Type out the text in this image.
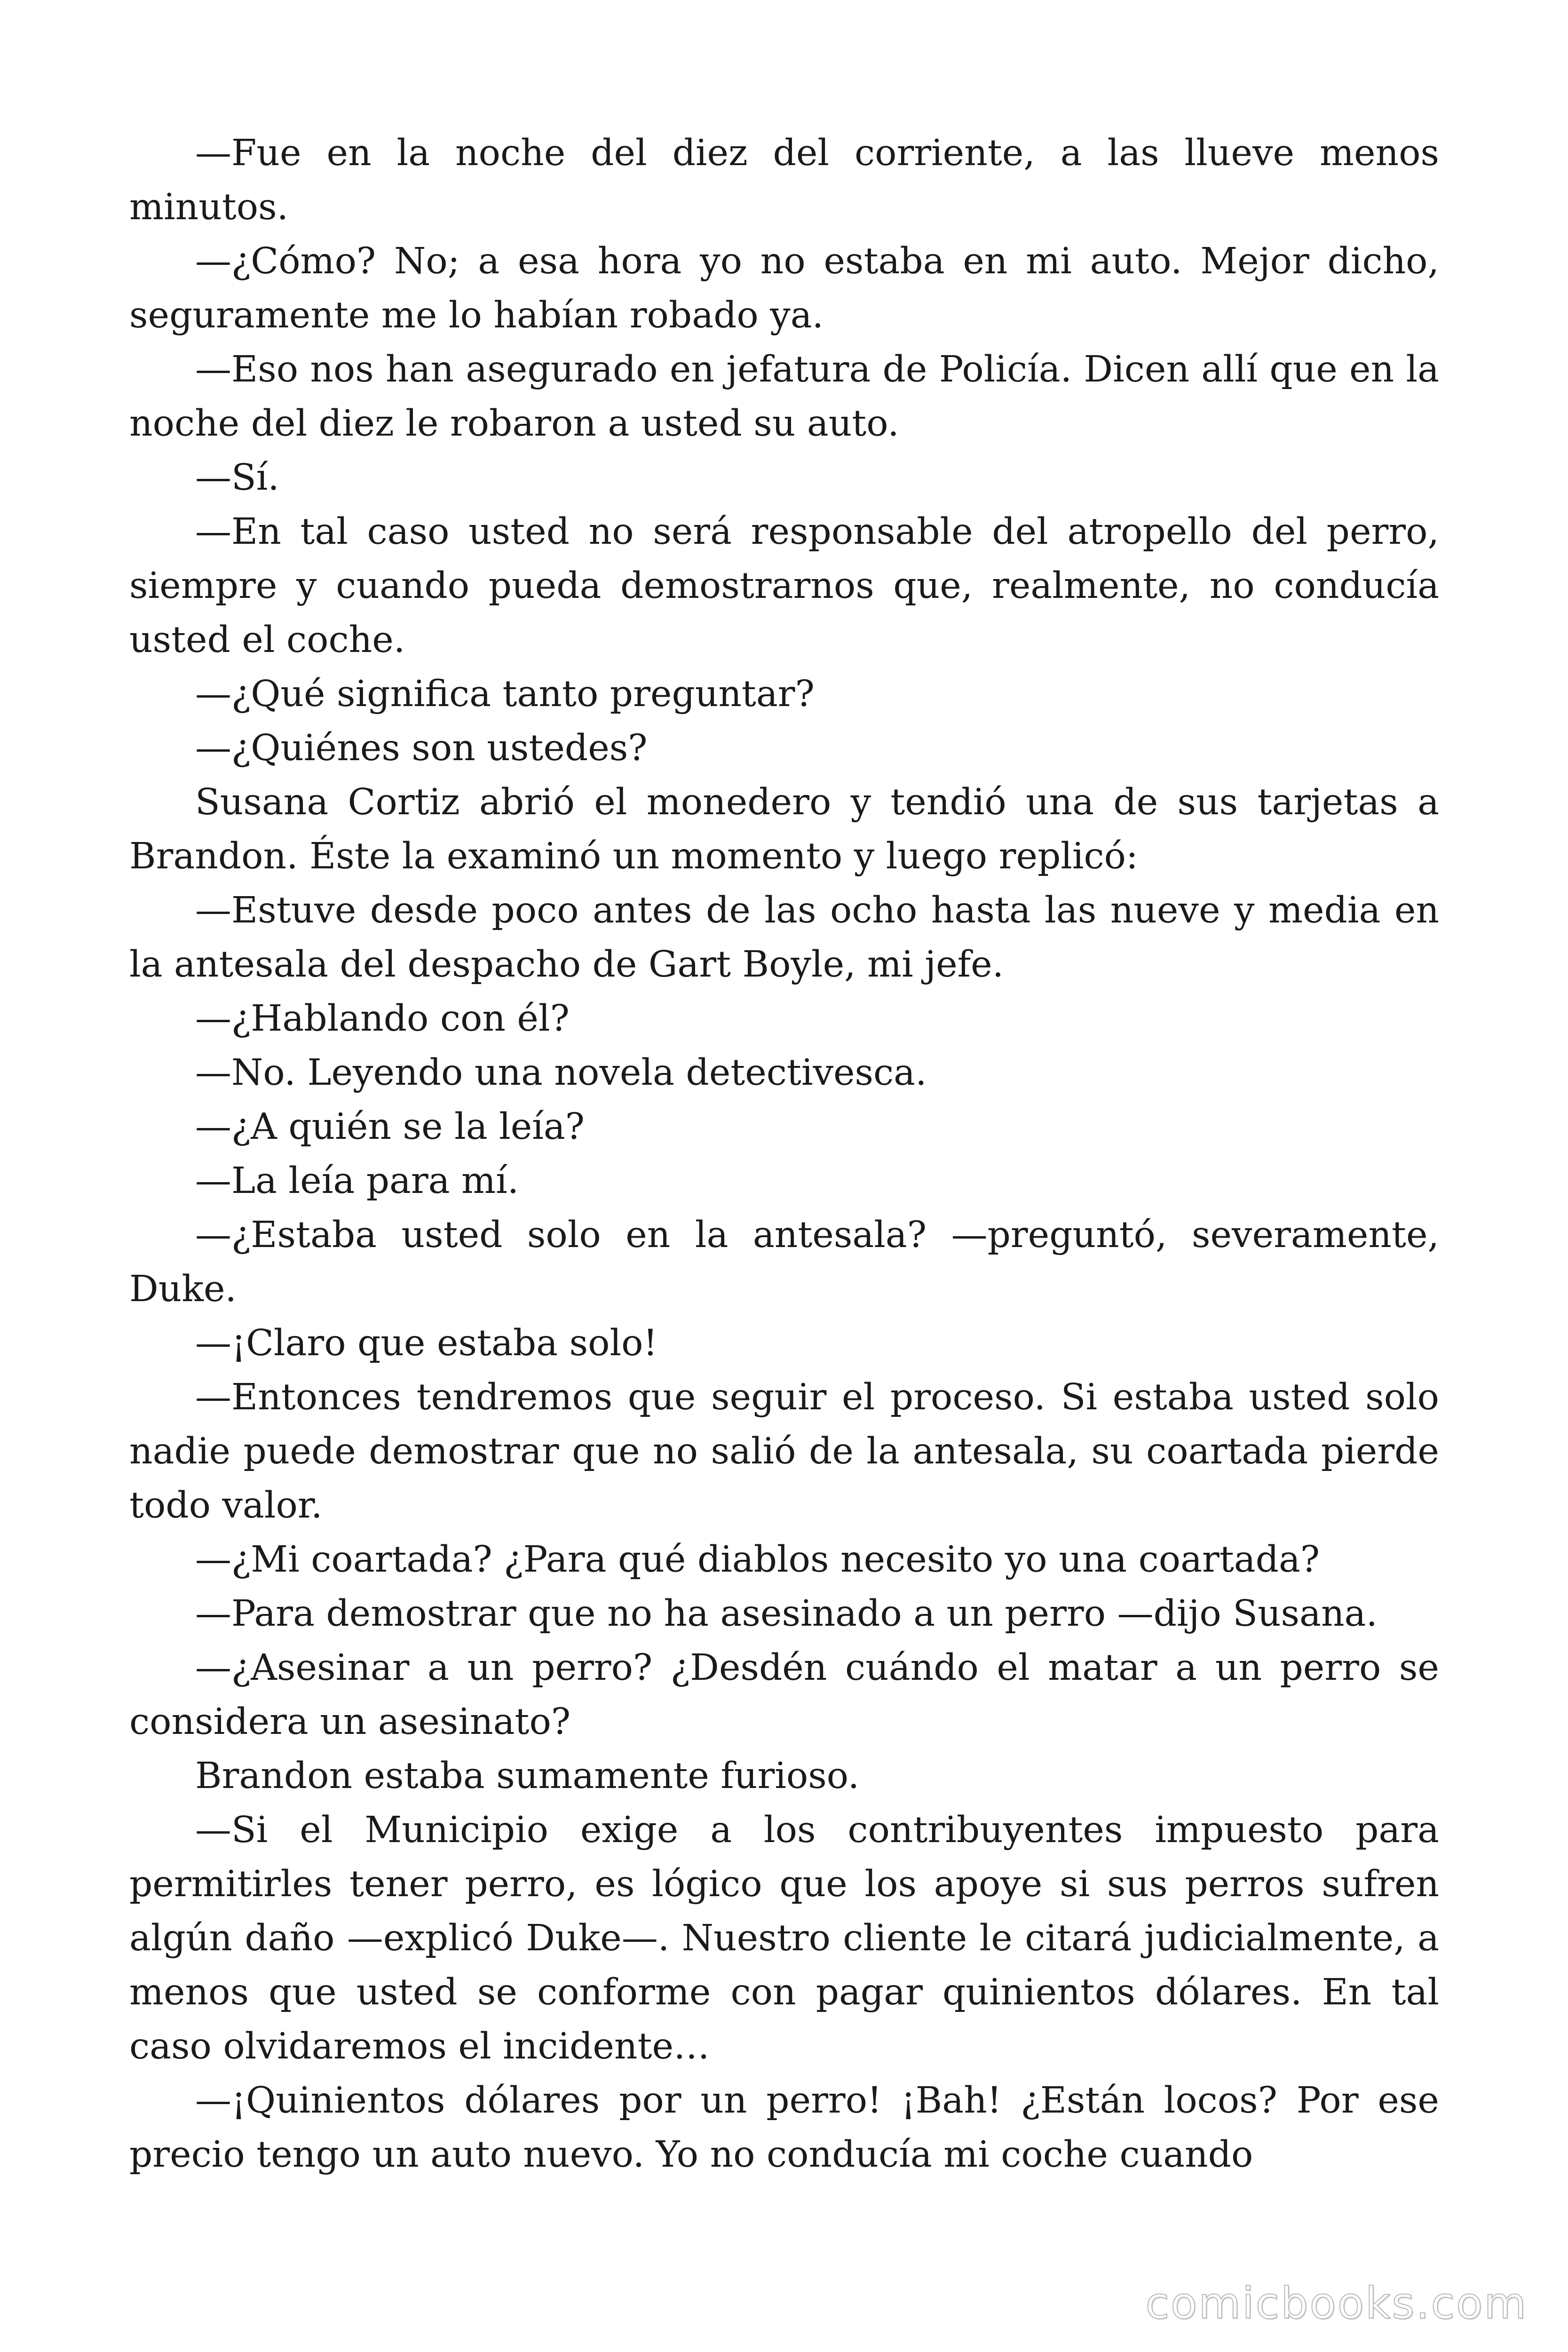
—Fue en la noche del diez del corriente, a las llueve menos minutos.

—¿Cómo? No; a esa hora yo no estaba en mi auto. Mejor dicho, seguramente me lo habían robado ya.

—Eso nos han asegurado en jefatura de Policía. Dicen allí que en la noche del diez le robaron a usted su auto.

—Sí.

—En tal caso usted no será responsable del atropello del perro, siempre y cuando pueda demostrarnos que, realmente, no conducía usted el coche.

—¿Qué significa tanto preguntar?

—¿Quiénes son ustedes?

Susana Cortiz abrió el monedero y tendió una de sus tarjetas a Brandon. Éste la examinó un momento y luego replicó:

—Estuve desde poco antes de las ocho hasta las nueve y media en la antesala del despacho de Gart Boyle, mi jefe.

—¿Hablando con él?

—No. Leyendo una novela detectivesca.

—¿A quién se la leía?

—La leía para mí.

—¿Estaba usted solo en la antesala? —preguntó, severamente, Duke.

—¡Claro que estaba solo!

—Entonces tendremos que seguir el proceso. Si estaba usted solo nadie puede demostrar que no salió de la antesala, su coartada pierde todo valor.

—¿Mi coartada? ¿Para qué diablos necesito yo una coartada?

—Para demostrar que no ha asesinado a un perro —dijo Susana.

—¿Asesinar a un perro? ¿Desdén cuándo el matar a un perro se considera un asesinato?

Brandon estaba sumamente furioso.

—Si el Municipio exige a los contribuyentes impuesto para permitirles tener perro, es lógico que los apoye si sus perros sufren algún daño —explicó Duke—. Nuestro cliente le citará judicialmente, a menos que usted se conforme con pagar quinientos dólares. En tal caso olvidaremos el incidente…

—¡Quinientos dólares por un perro! ¡Bah! ¿Están locos? Por ese precio tengo un auto nuevo. Yo no conducía mi coche cuando

comicbooks.com
